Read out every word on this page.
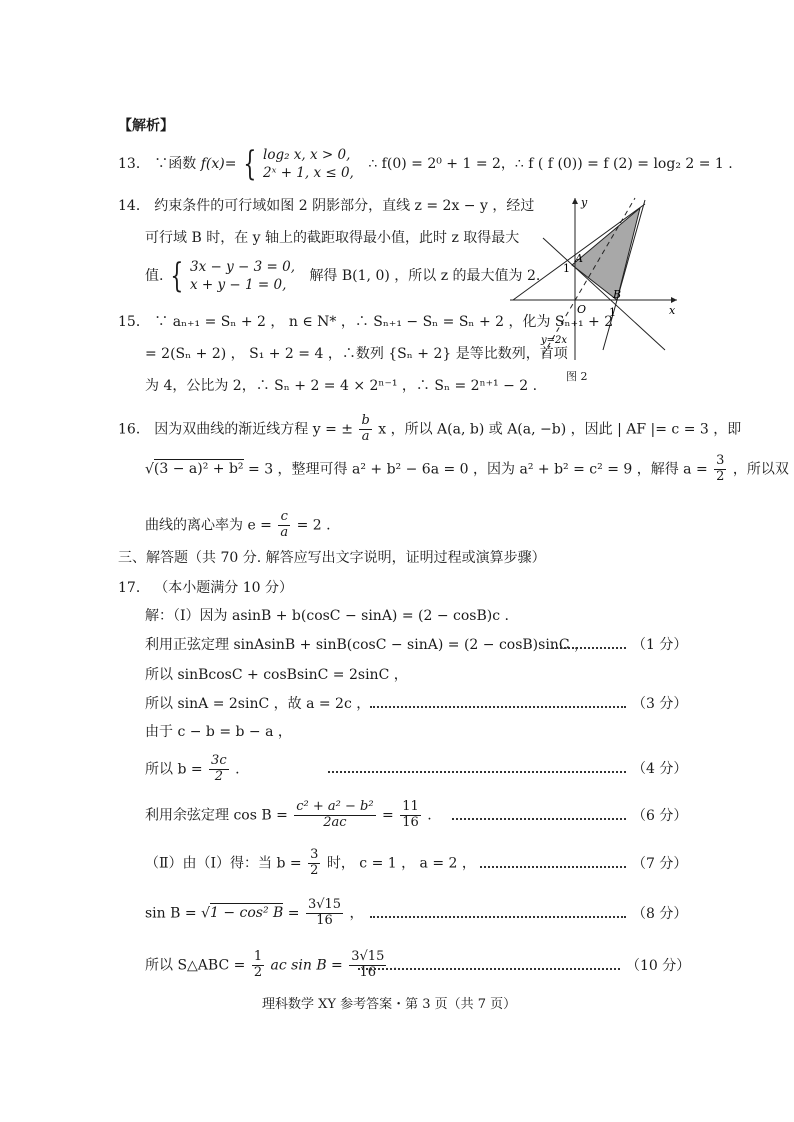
【解析】
13． ∵函数 f(x)= { log₂ x, x > 0,
2ˣ + 1, x ≤ 0,
∴ f(0) = 2⁰ + 1 = 2，∴ f ( f (0)) = f (2) = log₂ 2 = 1 .
14． 约束条件的可行域如图 2 阴影部分，直线 z = 2x − y ，经过
可行域 B 时，在 y 轴上的截距取得最小值，此时 z 取得最大
值. { 3x − y − 3 = 0,
x + y − 1 = 0,
解得 B(1, 0) ，所以 z 的最大值为 2.
y
x
O
A
B
1
1
y=2x
图 2
15． ∵ aₙ₊₁ = Sₙ + 2 ， n ∈ N* ，∴ Sₙ₊₁ − Sₙ = Sₙ + 2 ，化为 Sₙ₊₁ + 2
= 2(Sₙ + 2) ， S₁ + 2 = 4 ，∴数列 {Sₙ + 2} 是等比数列，首项
为 4，公比为 2，∴ Sₙ + 2 = 4 × 2ⁿ⁻¹ ，∴ Sₙ = 2ⁿ⁺¹ − 2 .
16． 因为双曲线的渐近线方程 y = ± $\frac{b}{a}$ x ，所以 A(a, b) 或 A(a, −b) ，因此 | AF |= c = 3 ，即
√(3 − a)² + b² = 3 ，整理可得 a² + b² − 6a = 0 ，因为 a² + b² = c² = 9 ，解得 $a = \frac{3}{2}$ ，所以双
曲线的离心率为 $e = \frac{c}{a} = 2$ .
三、解答题（共 70 分. 解答应写出文字说明，证明过程或演算步骤）
17． （本小题满分 10 分）
解：（Ⅰ）因为 asinB + b(cosC − sinA) = (2 − cosB)c .
利用正弦定理 sinAsinB + sinB(cosC − sinA) = (2 − cosB)sinC ，	（1 分）
所以 sinBcosC + cosBsinC = 2sinC ，
所以 sinA = 2sinC ，故 a = 2c ，	（3 分）
由于 c − b = b − a ，
所以 $b = \frac{3c}{2}$ .	（4 分）
利用余弦定理 $\cos B = \frac{\text{c² + a² − b²}}{2ac} = \frac{11}{16}$ .	（6 分）
（Ⅱ）由（Ⅰ）得：当 $b = \frac{3}{2}$ 时， c = 1 ， a = 2 ，	（7 分）
sin B = √1 − cos² $B = \frac{3√15}{16}$ ，	（8 分）
所以 S△ABC = $\frac{1}{2}$ ac $\sin B = \frac{3√15}{16}$ .	（10 分）
理科数学 XY 参考答案・第 3 页（共 7 页）
